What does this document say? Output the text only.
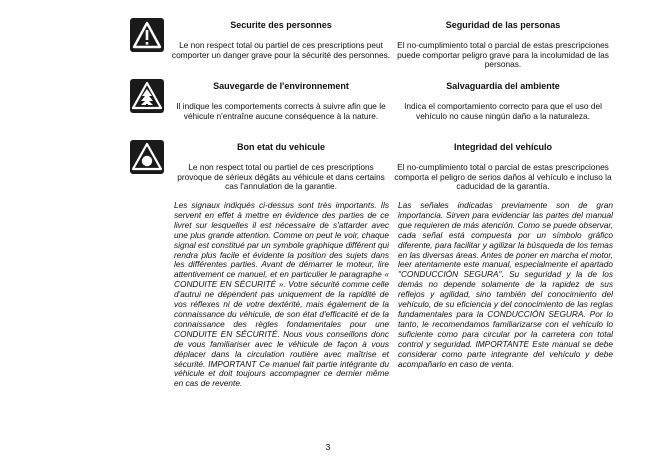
Securite des personnes
Le non respect total ou partiel de ces prescriptions peut comporter un danger grave pour la sécurité des personnes.
Seguridad de las personas
El no-cumplimiento total o parcial de estas prescripciones puede comportar peligro grave para la incolumidad de las personas.
Sauvegarde de l'environnement
Il indique les comportements corrects à suivre afin que le véhicule n'entraîne aucune conséquence à la nature.
Salvaguardia del ambiente
Indica el comportamiento correcto para que el uso del vehículo no cause ningún daño a la naturaleza.
Bon etat du vehicule
Le non respect total ou partiel de ces prescriptions provoque de sérieux dégâts au véhicule et dans certains cas l'annulation de la garantie.
Integridad del vehículo
El no-cumplimiento total o parcial de estas prescripciones comporta el peligro de serios daños al vehículo e incluso la caducidad de la garantía.
Les signaux indiqués ci-dessus sont très importants. Ils servent en effet à mettre en évidence des parties de ce livret sur lesquelles il est nécessaire de s'attarder avec une plus grande attention. Comme on peut le voir, chaque signal est constitué par un symbole graphique différent qui rendra plus facile et évidente la position des sujets dans les différentes parties. Avant de démarrer le moteur, lire attentivement ce manuel, et en particulier le paragraphe « CONDUITE EN SÉCURITÉ ». Votre sécurité comme celle d'autrui ne dépendent pas uniquement de la rapidité de vos réflexes ni de votre dextérité, mais également de la connaissance du véhicule, de son état d'efficacité et de la connaissance des règles fondamentales pour une CONDUITE EN SÉCURITÉ. Nous vous conseillons donc de vous familiariser avec le véhicule de façon à vous déplacer dans la circulation routière avec maîtrise et sécurité. IMPORTANT Ce manuel fait partie intégrante du véhicule et doit toujours accompagner ce dernier même en cas de revente.
Las señales indicadas previamente son de gran importancia. Sirven para evidenciar las partes del manual que requieren de más atención. Como se puede observar, cada señal está compuesta por un símbolo gráfico diferente, para facilitar y agilizar la búsqueda de los temas en las diversas áreas. Antes de poner en marcha el motor, leer atentamente este manual, especialmente el apartado "CONDUCCIÓN SEGURA". Su seguridad y la de los demás no depende solamente de la rapidez de sus reflejos y agilidad, sino también del conocimiento del vehículo, de su eficiencia y del conocimiento de las reglas fundamentales para la CONDUCCIÓN SEGURA. Por lo tanto, le recomendamos familiarizarse con el vehículo lo suficiente como para circular por la carretera con total control y seguridad. IMPORTANTE Este manual se debe considerar como parte integrante del vehículo y debe acompañarlo en caso de venta.
3
